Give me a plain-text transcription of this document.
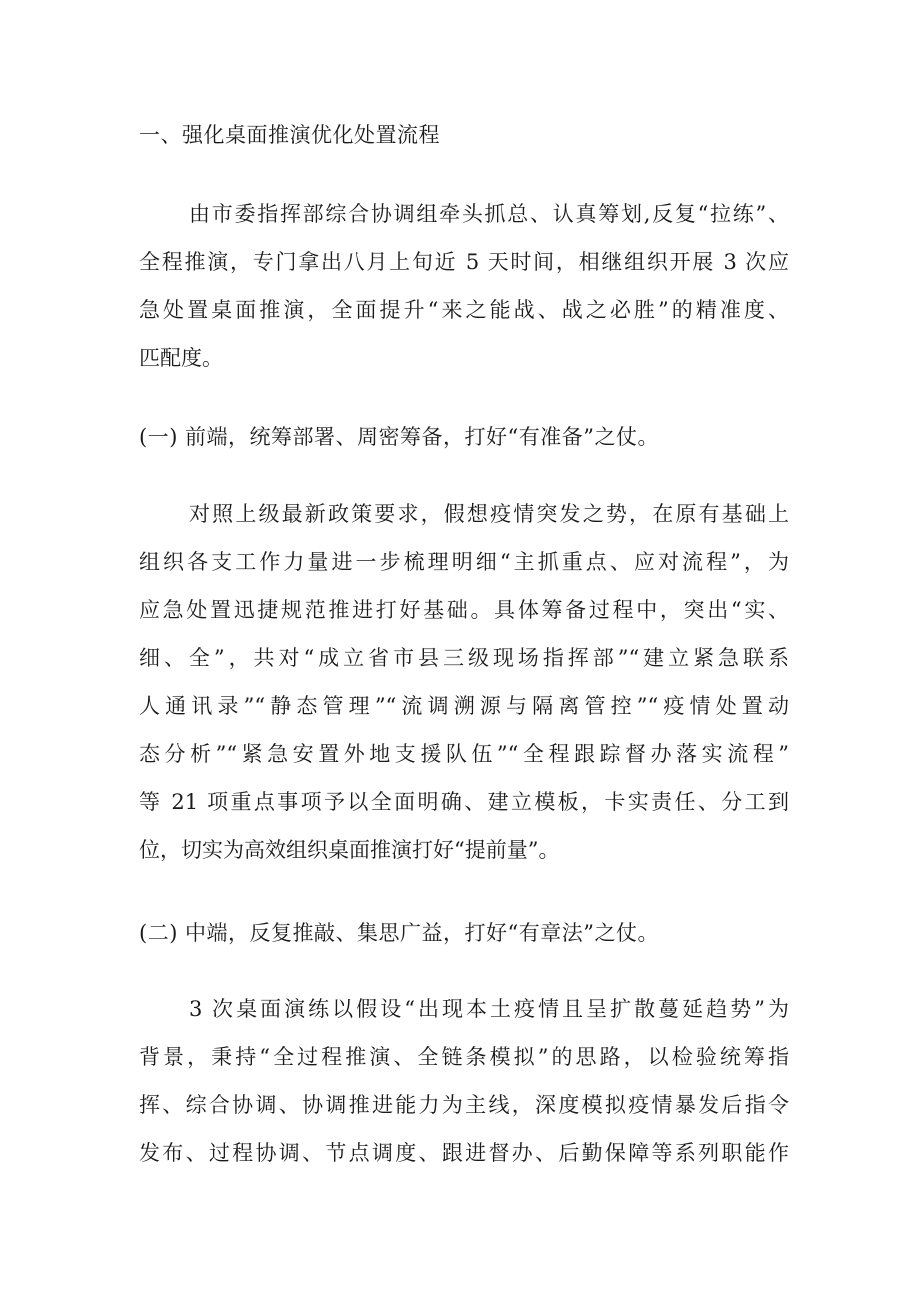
一、强化桌面推演优化处置流程
由市委指挥部综合协调组牵头抓总、认真筹划,反复“拉练”、
全程推演，专门拿出八月上旬近 5 天时间，相继组织开展 3 次应
急处置桌面推演，全面提升“来之能战、战之必胜”的精准度、
匹配度。
(一) 前端，统筹部署、周密筹备，打好“有准备”之仗。
对照上级最新政策要求，假想疫情突发之势，在原有基础上
组织各支工作力量进一步梳理明细“主抓重点、应对流程”，为
应急处置迅捷规范推进打好基础。具体筹备过程中，突出“实、
细、全”，共对“成立省市县三级现场指挥部”“建立紧急联系
人通讯录”“静态管理”“流调溯源与隔离管控”“疫情处置动
态分析”“紧急安置外地支援队伍”“全程跟踪督办落实流程”
等 21 项重点事项予以全面明确、建立模板，卡实责任、分工到
位，切实为高效组织桌面推演打好“提前量”。
(二) 中端，反复推敲、集思广益，打好“有章法”之仗。
3 次桌面演练以假设“出现本土疫情且呈扩散蔓延趋势”为
背景，秉持“全过程推演、全链条模拟”的思路，以检验统筹指
挥、综合协调、协调推进能力为主线，深度模拟疫情暴发后指令
发布、过程协调、节点调度、跟进督办、后勤保障等系列职能作
